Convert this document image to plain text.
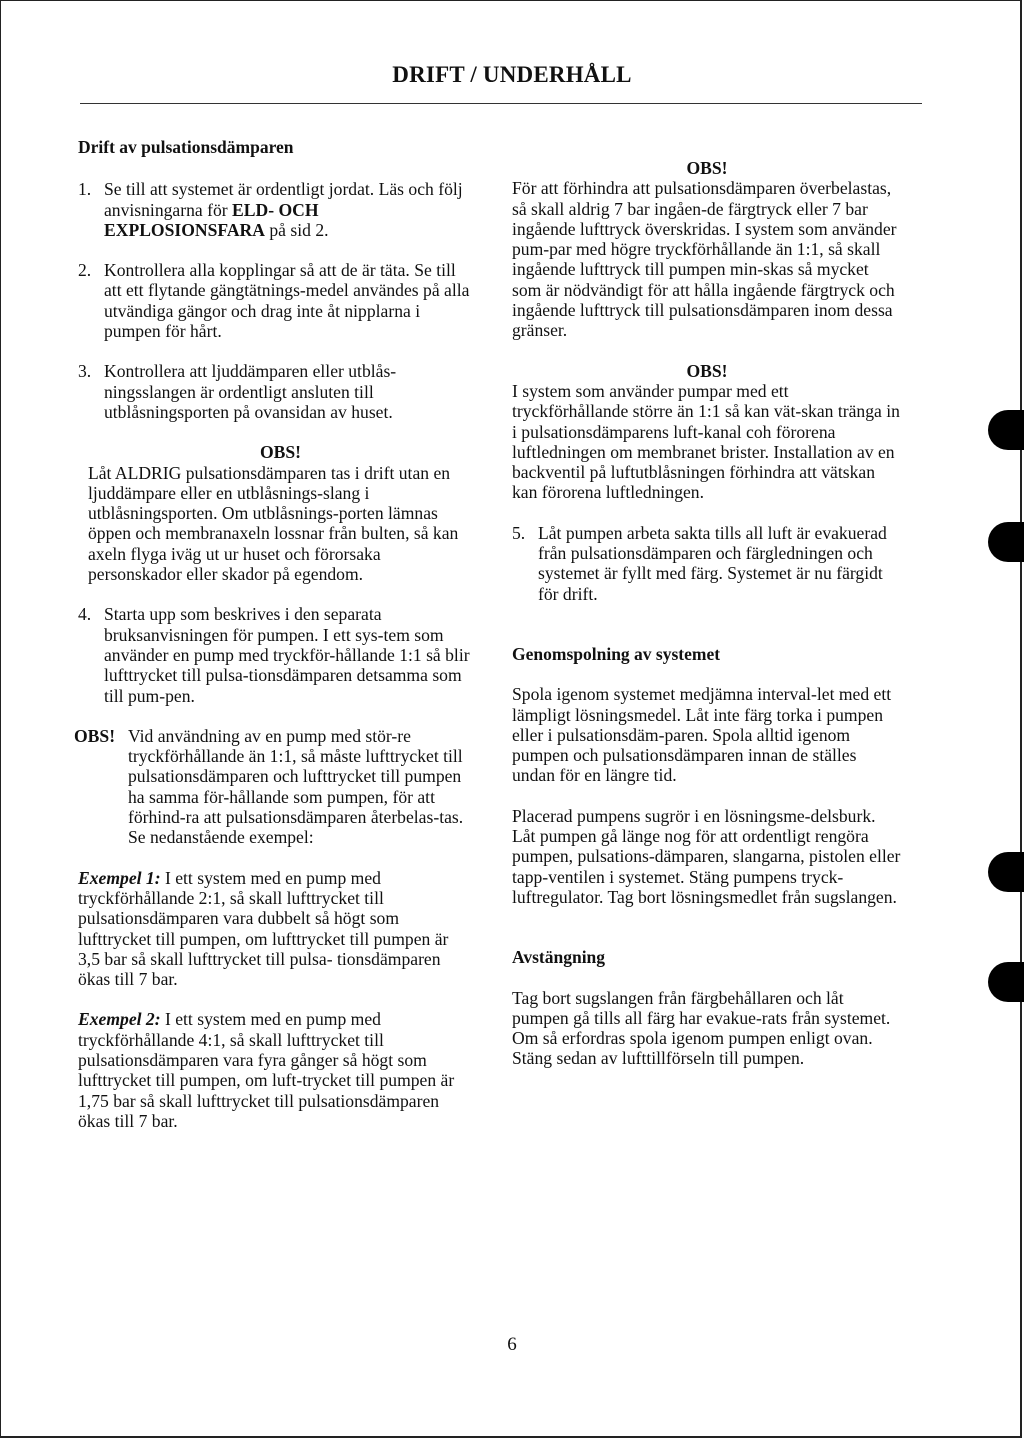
DRIFT / UNDERHÅLL
Drift av pulsationsdämparen
1. Se till att systemet är ordentligt jordat. Läs och följ anvisningarna för ELD- OCH EXPLOSIONSFARA på sid 2.
2. Kontrollera alla kopplingar så att de är täta. Se till att ett flytande gängtätnings-medel användes på alla utvändiga gängor och drag inte åt nipplarna i pumpen för hårt.
3. Kontrollera att ljuddämparen eller utblås-ningsslangen är ordentligt ansluten till utblåsningsporten på ovansidan av huset.
OBS!
Låt ALDRIG pulsationsdämparen tas i drift utan en ljuddämpare eller en utblåsnings-slang i utblåsningsporten. Om utblåsnings-porten lämnas öppen och membranaxeln lossnar från bulten, så kan axeln flyga iväg ut ur huset och förorsaka personskador eller skador på egendom.
4. Starta upp som beskrives i den separata bruksanvisningen för pumpen. I ett sys-tem som använder en pump med tryckför-hållande 1:1 så blir lufttrycket till pulsa-tionsdämparen detsamma som till pum-pen.
OBS! Vid användning av en pump med stör-re tryckförhållande än 1:1, så måste lufttrycket till pulsationsdämparen och lufttrycket till pumpen ha samma för-hållande som pumpen, för att förhind-ra att pulsationsdämparen återbelas-tas. Se nedanstående exempel:
Exempel 1: I ett system med en pump med tryckförhållande 2:1, så skall lufttrycket till pulsationsdämparen vara dubbelt så högt som lufttrycket till pumpen, om lufttrycket till pumpen är 3,5 bar så skall lufttrycket till pulsa- tionsdämparen ökas till 7 bar.
Exempel 2: I ett system med en pump med tryckförhållande 4:1, så skall lufttrycket till pulsationsdämparen vara fyra gånger så högt som lufttrycket till pumpen, om luft-trycket till pumpen är 1,75 bar så skall lufttrycket till pulsationsdämparen ökas till 7 bar.
OBS!
För att förhindra att pulsationsdämparen överbelastas, så skall aldrig 7 bar ingåen-de färgtryck eller 7 bar ingående lufttryck överskridas. I system som använder pum-par med högre tryckförhållande än 1:1, så skall ingående lufttryck till pumpen min-skas så mycket som är nödvändigt för att hålla ingående färgtryck och ingående lufttryck till pulsationsdämparen inom dessa gränser.
OBS!
I system som använder pumpar med ett tryckförhållande större än 1:1 så kan vät-skan tränga in i pulsationsdämparens luft-kanal coh förorena luftledningen om membranet brister. Installation av en backventil på luftutblåsningen förhindra att vätskan kan förorena luftledningen.
5. Låt pumpen arbeta sakta tills all luft är evakuerad från pulsationsdämparen och färgledningen och systemet är fyllt med färg. Systemet är nu färgidt för drift.
Genomspolning av systemet
Spola igenom systemet medjämna interval-let med ett lämpligt lösningsmedel. Låt inte färg torka i pumpen eller i pulsationsdäm-paren. Spola alltid igenom pumpen och pulsationsdämparen innan de ställes undan för en längre tid.
Placerad pumpens sugrör i en lösningsme-delsburk. Låt pumpen gå länge nog för att ordentligt rengöra pumpen, pulsations-dämparen, slangarna, pistolen eller tapp-ventilen i systemet. Stäng pumpens tryck-luftregulator. Tag bort lösningsmedlet från sugslangen.
Avstängning
Tag bort sugslangen från färgbehållaren och låt pumpen gå tills all färg har evakue-rats från systemet. Om så erfordras spola igenom pumpen enligt ovan. Stäng sedan av lufttillförseln till pumpen.
6
